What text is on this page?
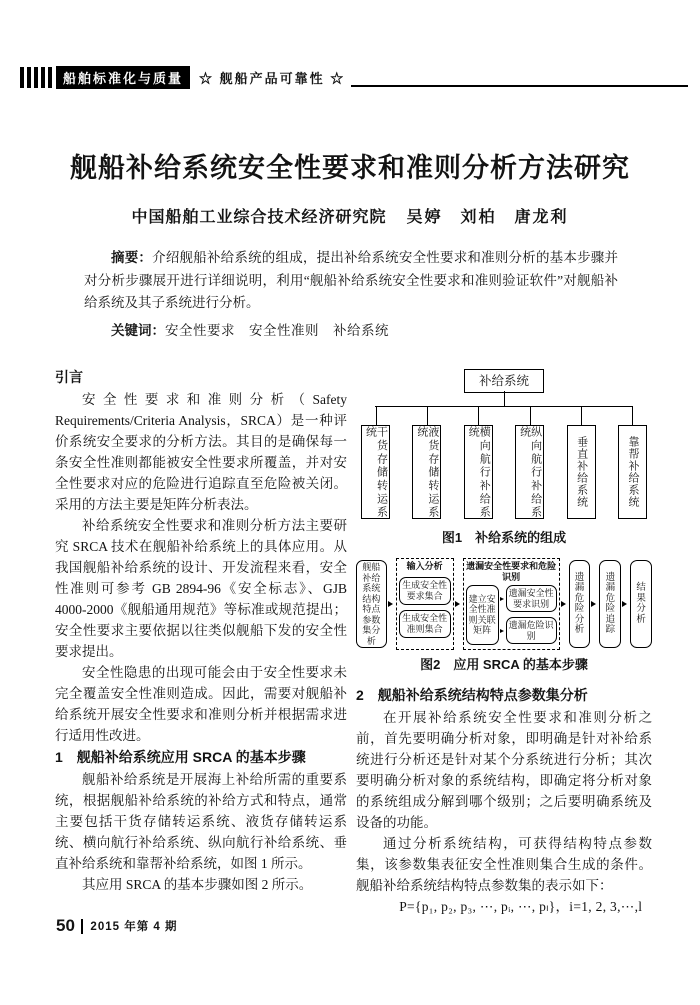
船舶标准化与质量	☆ 舰船产品可靠性 ☆
舰船补给系统安全性要求和准则分析方法研究
中国船舶工业综合技术经济研究院 吴婷　刘柏　唐龙利

摘要：介绍舰船补给系统的组成，提出补给系统安全性要求和准则分析的基本步骤并对分析步骤展开进行详细说明，利用“舰船补给系统安全性要求和准则验证软件”对舰船补给系统及其子系统进行分析。

关键词：安全性要求　安全性准则　补给系统

引言

安全性要求和准则分析（Safety Requirements/Criteria Analysis，SRCA）是一种评价系统安全要求的分析方法。其目的是确保每一条安全性准则都能被安全性要求所覆盖，并对安全性要求对应的危险进行追踪直至危险被关闭。采用的方法主要是矩阵分析表法。

补给系统安全性要求和准则分析方法主要研究 SRCA 技术在舰船补给系统上的具体应用。从我国舰船补给系统的设计、开发流程来看，安全性准则可参考 GB 2894-96《安全标志》、GJB 4000-2000《舰船通用规范》等标准或规范提出；安全性要求主要依据以往类似舰船下发的安全性要求提出。

安全性隐患的出现可能会由于安全性要求未完全覆盖安全性准则造成。因此，需要对舰船补给系统开展安全性要求和准则分析并根据需求进行适用性改进。

1　舰船补给系统应用 SRCA 的基本步骤

舰船补给系统是开展海上补给所需的重要系统，根据舰船补给系统的补给方式和特点，通常主要包括干货存储转运系统、液货存储转运系统、横向航行补给系统、纵向航行补给系统、垂直补给系统和靠帮补给系统，如图 1 所示。

其应用 SRCA 的基本步骤如图 2 所示。

补给系统
干货存储转运系统	液货存储转运系统	横向航行补给系统	纵向航行补给系统
垂直补给系统	靠帮补给系统

图1　补给系统的组成

舰船补给系统结构特点参数集分析
输入分析
生成安全性要求集合
生成安全性准则集合
遗漏安全性要求和危险识别
建立安全性准则关联矩阵
遗漏安全性要求识别
遗漏危险识别
遗漏危险分析
遗漏危险追踪
结果分析

图2　应用 SRCA 的基本步骤

2　舰船补给系统结构特点参数集分析

在开展补给系统安全性要求和准则分析之前，首先要明确分析对象，即明确是针对补给系统进行分析还是针对某个分系统进行分析；其次要明确分析对象的系统结构，即确定将分析对象的系统组成分解到哪个级别；之后要明确系统及设备的功能。

通过分析系统结构，可获得结构特点参数集，该参数集表征安全性准则集合生成的条件。舰船补给系统结构特点参数集的表示如下：

P={p₁, p₂, p₃, ⋯, pᵢ, ⋯, pₗ}，i=1, 2, 3,⋯,l

50 2015 年第 4 期
